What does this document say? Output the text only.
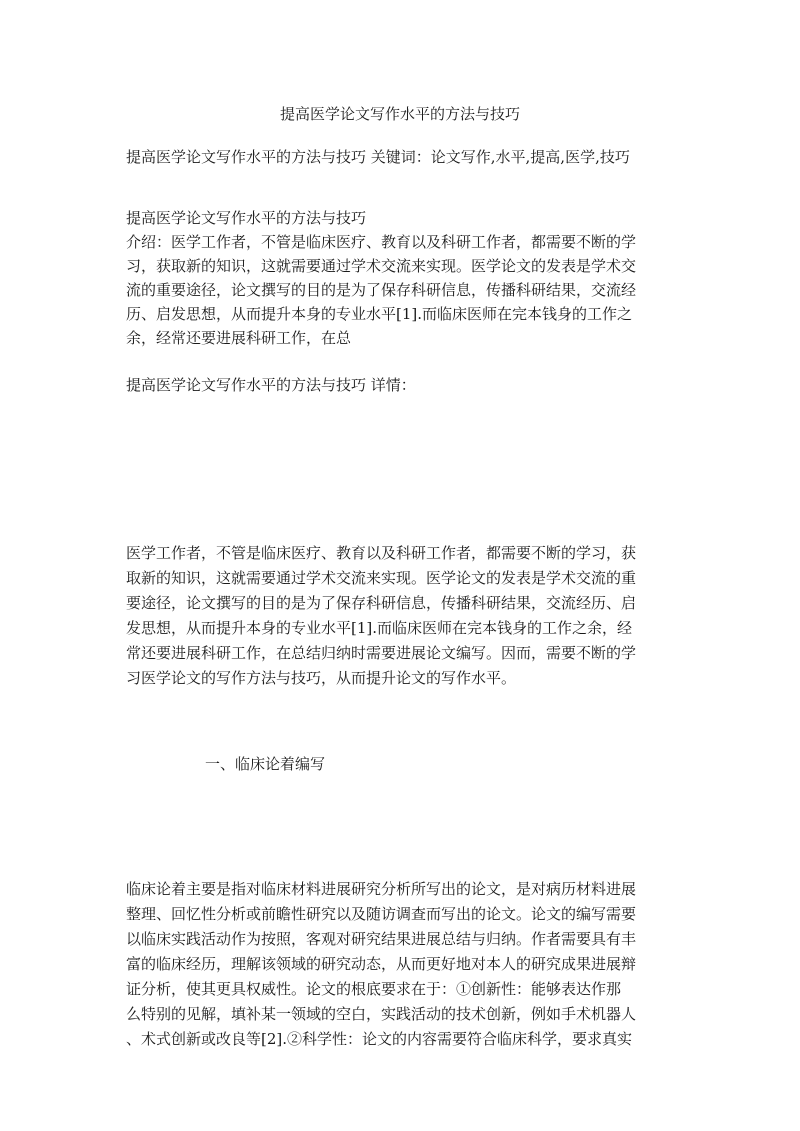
提高医学论文写作水平的方法与技巧
提高医学论文写作水平的方法与技巧 关键词：论文写作,水平,提高,医学,技巧
提高医学论文写作水平的方法与技巧
介绍：医学工作者，不管是临床医疗、教育以及科研工作者，都需要不断的学
习，获取新的知识，这就需要通过学术交流来实现。医学论文的发表是学术交
流的重要途径，论文撰写的目的是为了保存科研信息，传播科研结果，交流经
历、启发思想，从而提升本身的专业水平[1].而临床医师在完本钱身的工作之
余，经常还要进展科研工作，在总
提高医学论文写作水平的方法与技巧 详情：
医学工作者，不管是临床医疗、教育以及科研工作者，都需要不断的学习，获
取新的知识，这就需要通过学术交流来实现。医学论文的发表是学术交流的重
要途径，论文撰写的目的是为了保存科研信息，传播科研结果，交流经历、启
发思想，从而提升本身的专业水平[1].而临床医师在完本钱身的工作之余，经
常还要进展科研工作，在总结归纳时需要进展论文编写。因而，需要不断的学
习医学论文的写作方法与技巧，从而提升论文的写作水平。
一、临床论着编写
临床论着主要是指对临床材料进展研究分析所写出的论文，是对病历材料进展
整理、回忆性分析或前瞻性研究以及随访调查而写出的论文。论文的编写需要
以临床实践活动作为按照，客观对研究结果进展总结与归纳。作者需要具有丰
富的临床经历，理解该领域的研究动态，从而更好地对本人的研究成果进展辩
证分析，使其更具权威性。论文的根底要求在于：①创新性：能够表达作那
么特别的见解，填补某一领域的空白，实践活动的技术创新，例如手术机器人
、术式创新或改良等[2].②科学性：论文的内容需要符合临床科学，要求真实
